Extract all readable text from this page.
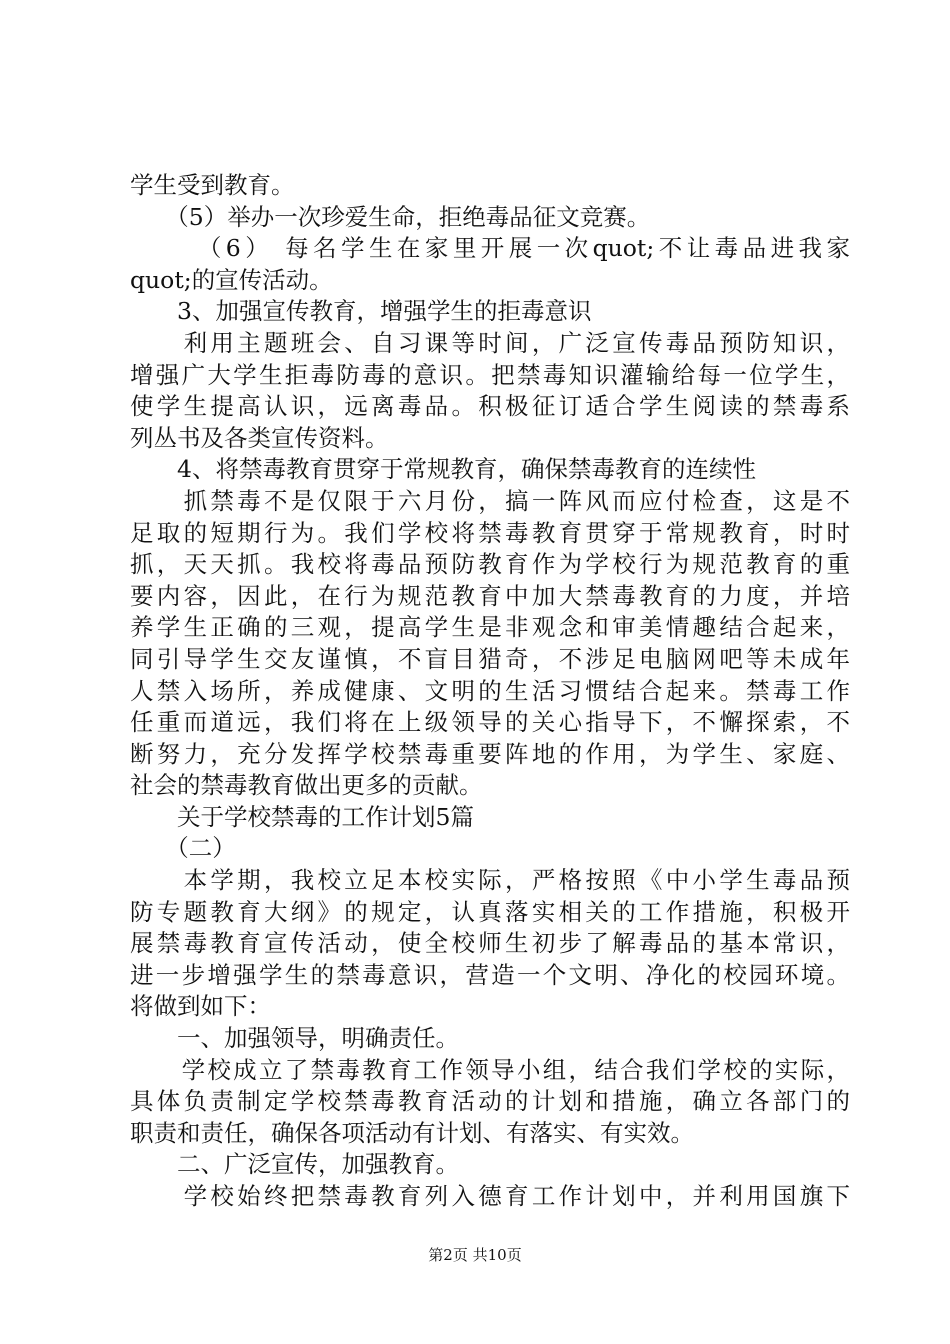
学生受到教育。
　　（5）举办一次珍爱生命，拒绝毒品征文竞赛。
　　 （6） 每名学生在家里开展一次quot;不让毒品进我家
quot;的宣传活动。
　　3、加强宣传教育，增强学生的拒毒意识
　　利用主题班会、自习课等时间，广泛宣传毒品预防知识，
增强广大学生拒毒防毒的意识。把禁毒知识灌输给每一位学生，
使学生提高认识，远离毒品。积极征订适合学生阅读的禁毒系
列丛书及各类宣传资料。
　　4、将禁毒教育贯穿于常规教育，确保禁毒教育的连续性
　　抓禁毒不是仅限于六月份，搞一阵风而应付检查，这是不
足取的短期行为。我们学校将禁毒教育贯穿于常规教育，时时
抓，天天抓。我校将毒品预防教育作为学校行为规范教育的重
要内容，因此，在行为规范教育中加大禁毒教育的力度，并培
养学生正确的三观，提高学生是非观念和审美情趣结合起来，
同引导学生交友谨慎，不盲目猎奇，不涉足电脑网吧等未成年
人禁入场所，养成健康、文明的生活习惯结合起来。禁毒工作
任重而道远，我们将在上级领导的关心指导下，不懈探索，不
断努力，充分发挥学校禁毒重要阵地的作用，为学生、家庭、
社会的禁毒教育做出更多的贡献。
　　关于学校禁毒的工作计划5篇
　　（二）
　　本学期，我校立足本校实际，严格按照《中小学生毒品预
防专题教育大纲》的规定，认真落实相关的工作措施，积极开
展禁毒教育宣传活动，使全校师生初步了解毒品的基本常识，
进一步增强学生的禁毒意识，营造一个文明、净化的校园环境。
将做到如下：
　　一、加强领导，明确责任。
　　学校成立了禁毒教育工作领导小组，结合我们学校的实际，
具体负责制定学校禁毒教育活动的计划和措施，确立各部门的
职责和责任，确保各项活动有计划、有落实、有实效。
　　二、广泛宣传，加强教育。
　　学校始终把禁毒教育列入德育工作计划中，并利用国旗下
第2页 共10页
